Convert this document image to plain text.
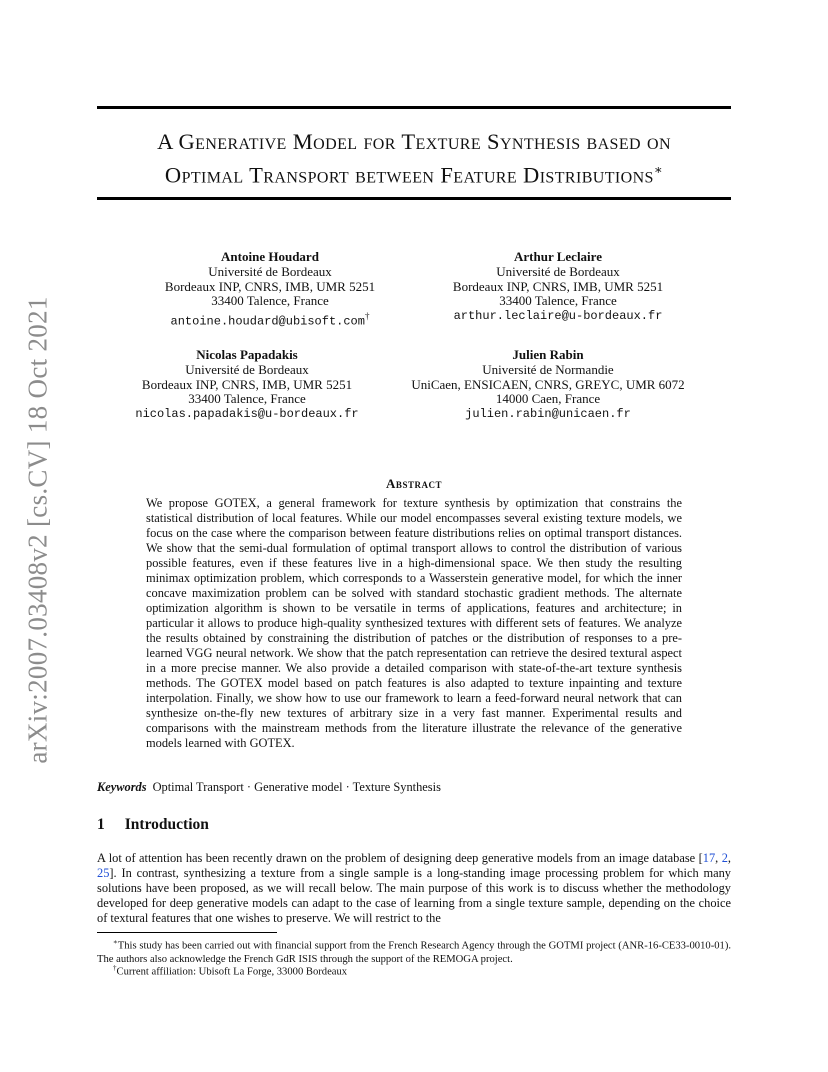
arXiv:2007.03408v2 [cs.CV] 18 Oct 2021
A Generative Model for Texture Synthesis based on
Optimal Transport between Feature Distributions∗
Antoine Houdard
Université de Bordeaux
Bordeaux INP, CNRS, IMB, UMR 5251
33400 Talence, France
antoine.houdard@ubisoft.com†
Arthur Leclaire
Université de Bordeaux
Bordeaux INP, CNRS, IMB, UMR 5251
33400 Talence, France
arthur.leclaire@u-bordeaux.fr
Nicolas Papadakis
Université de Bordeaux
Bordeaux INP, CNRS, IMB, UMR 5251
33400 Talence, France
nicolas.papadakis@u-bordeaux.fr
Julien Rabin
Université de Normandie
UniCaen, ENSICAEN, CNRS, GREYC, UMR 6072
14000 Caen, France
julien.rabin@unicaen.fr
Abstract
We propose GOTEX, a general framework for texture synthesis by optimization that constrains the statistical distribution of local features. While our model encompasses several existing texture models, we focus on the case where the comparison between feature distributions relies on optimal transport distances. We show that the semi-dual formulation of optimal transport allows to control the distribution of various possible features, even if these features live in a high-dimensional space. We then study the resulting minimax optimization problem, which corresponds to a Wasserstein generative model, for which the inner concave maximization problem can be solved with standard stochastic gradient methods. The alternate optimization algorithm is shown to be versatile in terms of applications, features and architecture; in particular it allows to produce high-quality synthesized textures with different sets of features. We analyze the results obtained by constraining the distribution of patches or the distribution of responses to a pre-learned VGG neural network. We show that the patch representation can retrieve the desired textural aspect in a more precise manner. We also provide a detailed comparison with state-of-the-art texture synthesis methods. The GOTEX model based on patch features is also adapted to texture inpainting and texture interpolation. Finally, we show how to use our framework to learn a feed-forward neural network that can synthesize on-the-fly new textures of arbitrary size in a very fast manner. Experimental results and comparisons with the mainstream methods from the literature illustrate the relevance of the generative models learned with GOTEX.
Keywords Optimal Transport · Generative model · Texture Synthesis
1 Introduction
A lot of attention has been recently drawn on the problem of designing deep generative models from an image database [17, 2, 25]. In contrast, synthesizing a texture from a single sample is a long-standing image processing problem for which many solutions have been proposed, as we will recall below. The main purpose of this work is to discuss whether the methodology developed for deep generative models can adapt to the case of learning from a single texture sample, depending on the choice of textural features that one wishes to preserve. We will restrict to the
∗This study has been carried out with financial support from the French Research Agency through the GOTMI project (ANR-16-CE33-0010-01). The authors also acknowledge the French GdR ISIS through the support of the REMOGA project.
†Current affiliation: Ubisoft La Forge, 33000 Bordeaux
